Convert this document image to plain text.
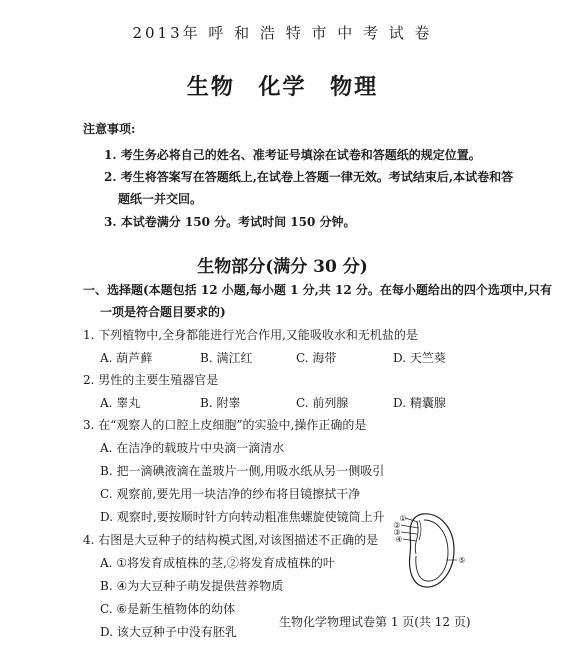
2013年 呼 和 浩 特 市 中 考 试 卷
生物 化学 物理
注意事项:
1. 考生务必将自己的姓名、准考证号填涂在试卷和答题纸的规定位置。
2. 考生将答案写在答题纸上,在试卷上答题一律无效。考试结束后,本试卷和答
题纸一并交回。
3. 本试卷满分 150 分。考试时间 150 分钟。
生物部分(满分 30 分)
一、选择题(本题包括 12 小题,每小题 1 分,共 12 分。在每小题给出的四个选项中,只有
一项是符合题目要求的)
1. 下列植物中,全身都能进行光合作用,又能吸收水和无机盐的是
A. 葫芦藓	B. 满江红	C. 海带	D. 天竺葵
2. 男性的主要生殖器官是
A. 睾丸	B. 附睾	C. 前列腺	D. 精囊腺
3. 在“观察人的口腔上皮细胞”的实验中,操作正确的是
A. 在洁净的载玻片中央滴一滴清水
B. 把一滴碘液滴在盖玻片一侧,用吸水纸从另一侧吸引
C. 观察前,要先用一块洁净的纱布将目镜擦拭干净
D. 观察时,要按顺时针方向转动粗准焦螺旋使镜筒上升
4. 右图是大豆种子的结构模式图,对该图描述不正确的是
A. ①将发育成植株的茎,②将发育成植株的叶
B. ④为大豆种子萌发提供营养物质
C. ⑥是新生植物体的幼体
D. 该大豆种子中没有胚乳
①
②
③
④
⑤
生物化学物理试卷第 1 页(共 12 页)
